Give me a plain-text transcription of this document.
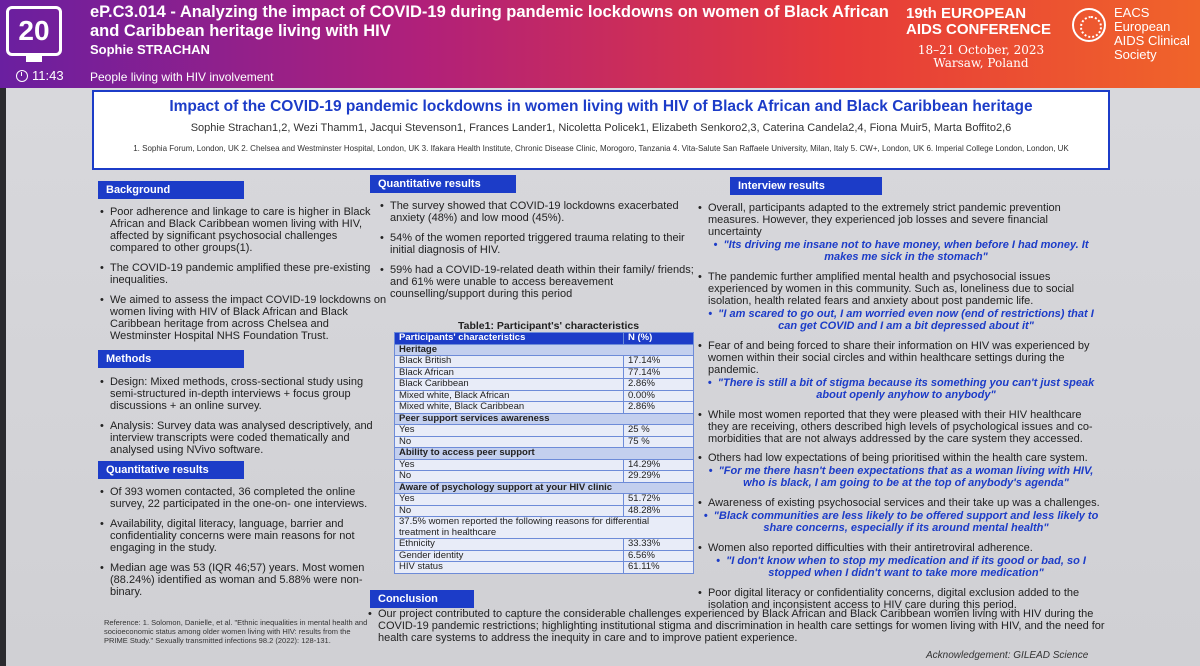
20
11:43
eP.C3.014 - Analyzing the impact of COVID-19 during pandemic lockdowns on women of Black African and Caribbean heritage living with HIV
Sophie STRACHAN
People living with HIV involvement
19th EUROPEAN AIDS CONFERENCE
18–21 October, 2023
Warsaw, Poland
EACS European AIDS Clinical Society
Impact of the COVID-19 pandemic lockdowns in women living with HIV of Black African and Black Caribbean heritage
Sophie Strachan1,2, Wezi Thamm1, Jacqui Stevenson1, Frances Lander1, Nicoletta Policek1, Elizabeth Senkoro2,3, Caterina Candela2,4, Fiona Muir5, Marta Boffito2,6
1. Sophia Forum, London, UK 2. Chelsea and Westminster Hospital, London, UK 3. Ifakara Health Institute, Chronic Disease Clinic, Morogoro, Tanzania 4. Vita-Salute San Raffaele University, Milan, Italy 5. CW+, London, UK 6. Imperial College London, London, UK
Background

•  Poor adherence and linkage to care is higher in Black African and Black Caribbean women living with HIV, affected by significant psychosocial challenges compared to other groups(1).

•  The COVID-19 pandemic amplified these pre-existing inequalities.

•  We aimed to assess the impact COVID-19 lockdowns on women living with HIV of Black African and Black Caribbean heritage from across Chelsea and Westminster Hospital NHS Foundation Trust.

Methods

•  Design: Mixed methods, cross-sectional study using semi-structured in-depth interviews + focus group discussions + an online survey.

•  Analysis: Survey data was analysed descriptively, and interview transcripts were coded thematically and analysed using NVivo software.

Quantitative results

•  Of 393 women contacted, 36 completed the online survey, 22 participated in the one-on- one interviews.

•  Availability, digital literacy, language, barrier and confidentiality concerns were main reasons for not engaging in the study.

•  Median age was 53 (IQR 46;57) years. Most women (88.24%) identified as woman and 5.88% were non-binary.

Reference: 1. Solomon, Danielle, et al. "Ethnic inequalities in mental health and socioeconomic status among older women living with HIV: results from the PRIME Study." Sexually transmitted infections 98.2 (2022): 128-131.
Quantitative results

•  The survey showed that COVID-19 lockdowns exacerbated anxiety (48%) and low mood (45%).

•  54% of the women reported triggered trauma relating to their initial diagnosis of HIV.

•  59% had a COVID-19-related death within their family/ friends; and 61% were unable to access bereavement counselling/support during this period

Table1: Participant's' characteristics
Participants' characteristics	N (%)
Heritage	
Black British	17.14%
Black African	77.14%
Black Caribbean	2.86%
Mixed white, Black African	0.00%
Mixed white, Black Caribbean	2.86%
Peer support services awareness	
Yes	25 %
No	75 %
Ability to access peer support	
Yes	14.29%
No	29.29%
Aware of psychology support at your HIV clinic	
Yes	51.72%
No	48.28%
37.5% women reported the following reasons for differential treatment in healthcare	
Ethnicity	33.33%
Gender identity	6.56%
HIV status	61.11%
Interview results

•  Overall, participants adapted to the extremely strict pandemic prevention measures. However, they experienced job losses and severe financial uncertainty

•  "Its driving me insane not to have money, when before I had money. It makes me sick in the stomach"

•  The pandemic further amplified mental health and psychosocial issues experienced by women in this community. Such as, loneliness due to social isolation, health related fears and anxiety about post pandemic life.

•  "I am scared to go out, I am worried even now (end of restrictions) that I can get COVID and I am a bit depressed about it"

•  Fear of and being forced to share their information on HIV was experienced by women within their social circles and within healthcare settings during the pandemic.

•  "There is still a bit of stigma because its something you can't just speak about openly anyhow to anybody"

•  While most women reported that they were pleased with their HIV healthcare they are receiving, others described high levels of psychological issues and co-morbidities that are not always addressed by the care system they accessed.

•  Others had low expectations of being prioritised within the health care system.

•  "For me there hasn't been expectations that as a woman living with HIV, who is black, I am going to be at the top of anybody's agenda"

•  Awareness of existing psychosocial services and their take up was a challenges.

•  "Black communities are less likely to be offered support and less likely to share concerns, especially if its around mental health"

•  Women also reported difficulties with their antiretroviral adherence.

•  "I don't know when to stop my medication and if its good or bad, so I stopped when I didn't want to take more medication"

•  Poor digital literacy or confidentiality concerns, digital exclusion added to the isolation and inconsistent access to HIV care during this period.

Conclusion

•  Our project contributed to capture the considerable challenges experienced by Black African and Black Caribbean women living with HIV during the COVID-19 pandemic restrictions; highlighting institutional stigma and discrimination in health care settings for women living with HIV, and the need for health care systems to address the inequity in care and to improve patient experience.

Acknowledgement: GILEAD Science
